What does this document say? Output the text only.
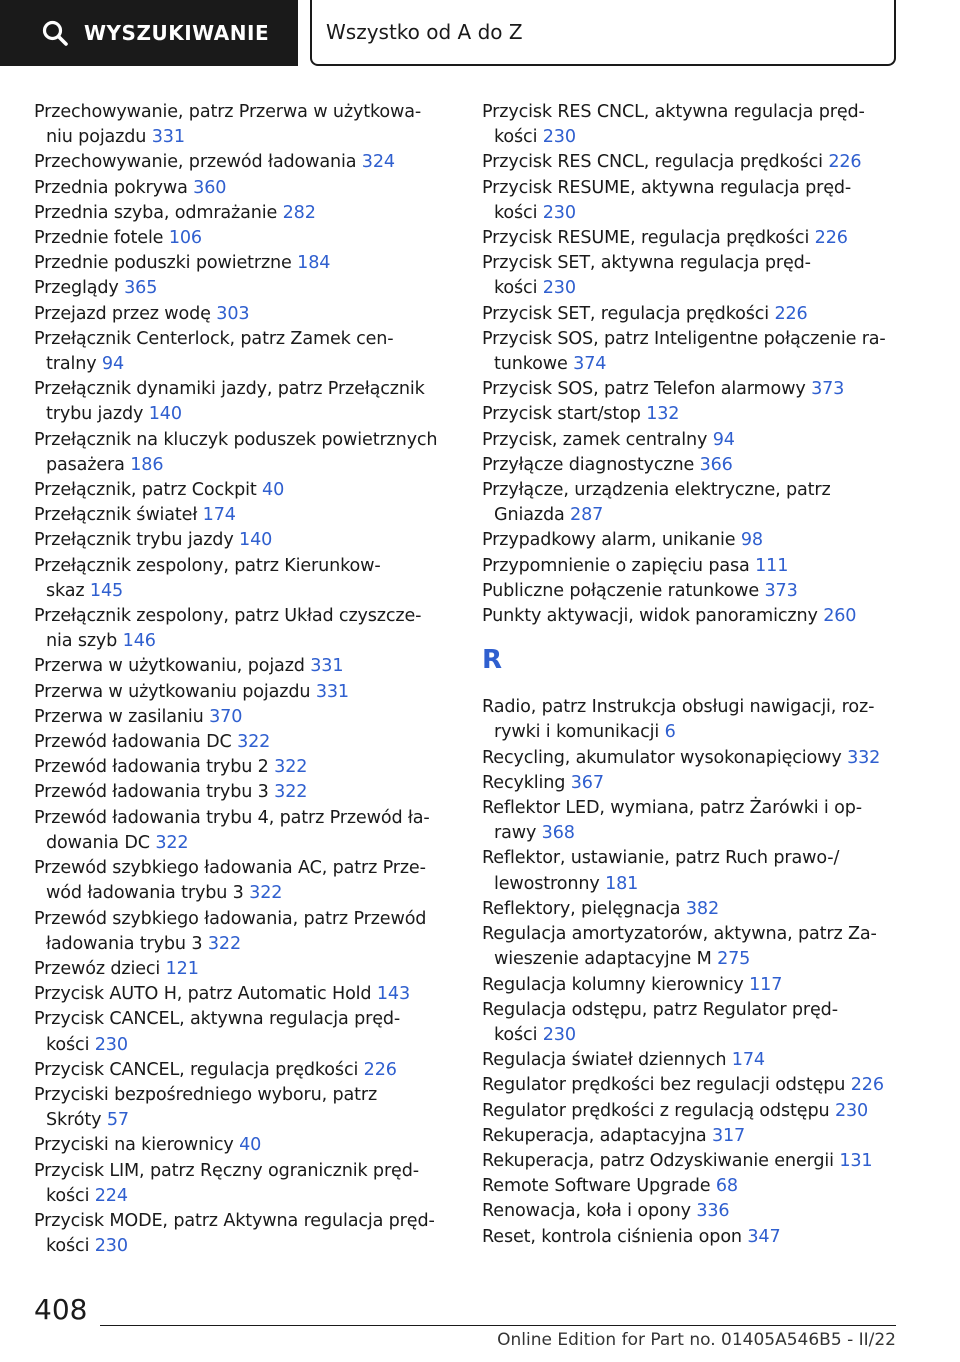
WYSZUKIWANIE	Wszystko od A do Z
Przechowywanie, patrz Przerwa w użytkowa-
niu pojazdu 331
Przechowywanie, przewód ładowania 324
Przednia pokrywa 360
Przednia szyba, odmrażanie 282
Przednie fotele 106
Przednie poduszki powietrzne 184
Przeglądy 365
Przejazd przez wodę 303
Przełącznik Centerlock, patrz Zamek cen-
tralny 94
Przełącznik dynamiki jazdy, patrz Przełącznik
trybu jazdy 140
Przełącznik na kluczyk poduszek powietrznych
pasażera 186
Przełącznik, patrz Cockpit 40
Przełącznik świateł 174
Przełącznik trybu jazdy 140
Przełącznik zespolony, patrz Kierunkow-
skaz 145
Przełącznik zespolony, patrz Układ czyszcze-
nia szyb 146
Przerwa w użytkowaniu, pojazd 331
Przerwa w użytkowaniu pojazdu 331
Przerwa w zasilaniu 370
Przewód ładowania DC 322
Przewód ładowania trybu 2 322
Przewód ładowania trybu 3 322
Przewód ładowania trybu 4, patrz Przewód ła-
dowania DC 322
Przewód szybkiego ładowania AC, patrz Prze-
wód ładowania trybu 3 322
Przewód szybkiego ładowania, patrz Przewód
ładowania trybu 3 322
Przewóz dzieci 121
Przycisk AUTO H, patrz Automatic Hold 143
Przycisk CANCEL, aktywna regulacja pręd-
kości 230
Przycisk CANCEL, regulacja prędkości 226
Przyciski bezpośredniego wyboru, patrz
Skróty 57
Przyciski na kierownicy 40
Przycisk LIM, patrz Ręczny ogranicznik pręd-
kości 224
Przycisk MODE, patrz Aktywna regulacja pręd-
kości 230
Przycisk RES CNCL, aktywna regulacja pręd-
kości 230
Przycisk RES CNCL, regulacja prędkości 226
Przycisk RESUME, aktywna regulacja pręd-
kości 230
Przycisk RESUME, regulacja prędkości 226
Przycisk SET, aktywna regulacja pręd-
kości 230
Przycisk SET, regulacja prędkości 226
Przycisk SOS, patrz Inteligentne połączenie ra-
tunkowe 374
Przycisk SOS, patrz Telefon alarmowy 373
Przycisk start/stop 132
Przycisk, zamek centralny 94
Przyłącze diagnostyczne 366
Przyłącze, urządzenia elektryczne, patrz
Gniazda 287
Przypadkowy alarm, unikanie 98
Przypomnienie o zapięciu pasa 111
Publiczne połączenie ratunkowe 373
Punkty aktywacji, widok panoramiczny 260
R
Radio, patrz Instrukcja obsługi nawigacji, roz-
rywki i komunikacji 6
Recycling, akumulator wysokonapięciowy 332
Recykling 367
Reflektor LED, wymiana, patrz Żarówki i op-
rawy 368
Reflektor, ustawianie, patrz Ruch prawo-/
lewostronny 181
Reflektory, pielęgnacja 382
Regulacja amortyzatorów, aktywna, patrz Za-
wieszenie adaptacyjne M 275
Regulacja kolumny kierownicy 117
Regulacja odstępu, patrz Regulator pręd-
kości 230
Regulacja świateł dziennych 174
Regulator prędkości bez regulacji odstępu 226
Regulator prędkości z regulacją odstępu 230
Rekuperacja, adaptacyjna 317
Rekuperacja, patrz Odzyskiwanie energii 131
Remote Software Upgrade 68
Renowacja, koła i opony 336
Reset, kontrola ciśnienia opon 347
408
Online Edition for Part no. 01405A546B5 - II/22
